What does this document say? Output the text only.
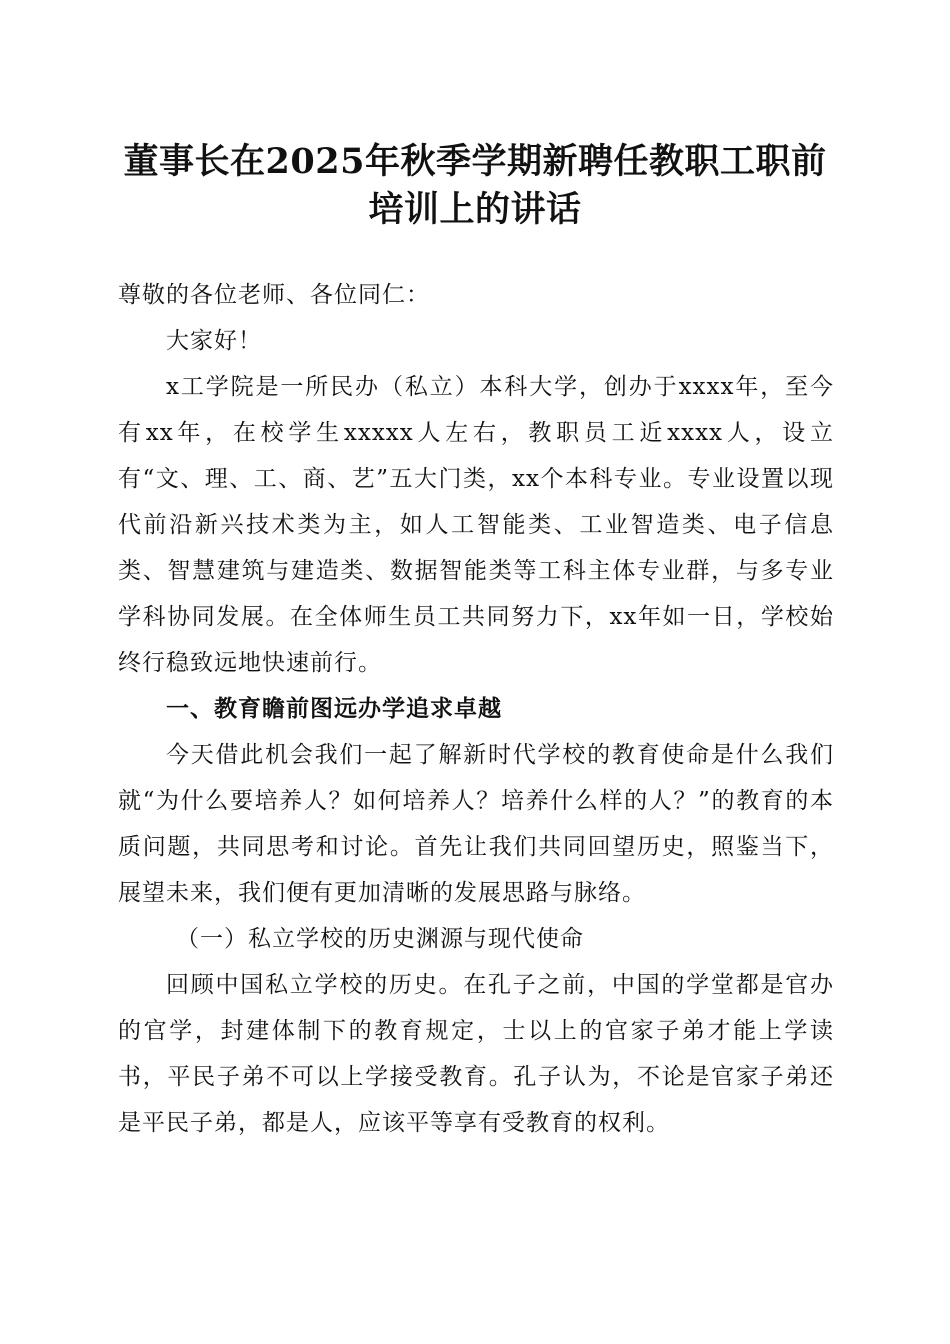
董事长在2025年秋季学期新聘任教职工职前
培训上的讲话

尊敬的各位老师、各位同仁：

大家好！

x工学院是一所民办（私立）本科大学，创办于xxxx年，至今有xx年，在校学生xxxxx人左右，教职员工近xxxx人，设立有“文、理、工、商、艺”五大门类，xx个本科专业。专业设置以现代前沿新兴技术类为主，如人工智能类、工业智造类、电子信息类、智慧建筑与建造类、数据智能类等工科主体专业群，与多专业学科协同发展。在全体师生员工共同努力下，xx年如一日，学校始终行稳致远地快速前行。

一、教育瞻前图远办学追求卓越

今天借此机会我们一起了解新时代学校的教育使命是什么我们就“为什么要培养人？如何培养人？培养什么样的人？”的教育的本质问题，共同思考和讨论。首先让我们共同回望历史，照鉴当下，展望未来，我们便有更加清晰的发展思路与脉络。

（一）私立学校的历史渊源与现代使命

回顾中国私立学校的历史。在孔子之前，中国的学堂都是官办的官学，封建体制下的教育规定，士以上的官家子弟才能上学读书，平民子弟不可以上学接受教育。孔子认为，不论是官家子弟还是平民子弟，都是人，应该平等享有受教育的权利。
